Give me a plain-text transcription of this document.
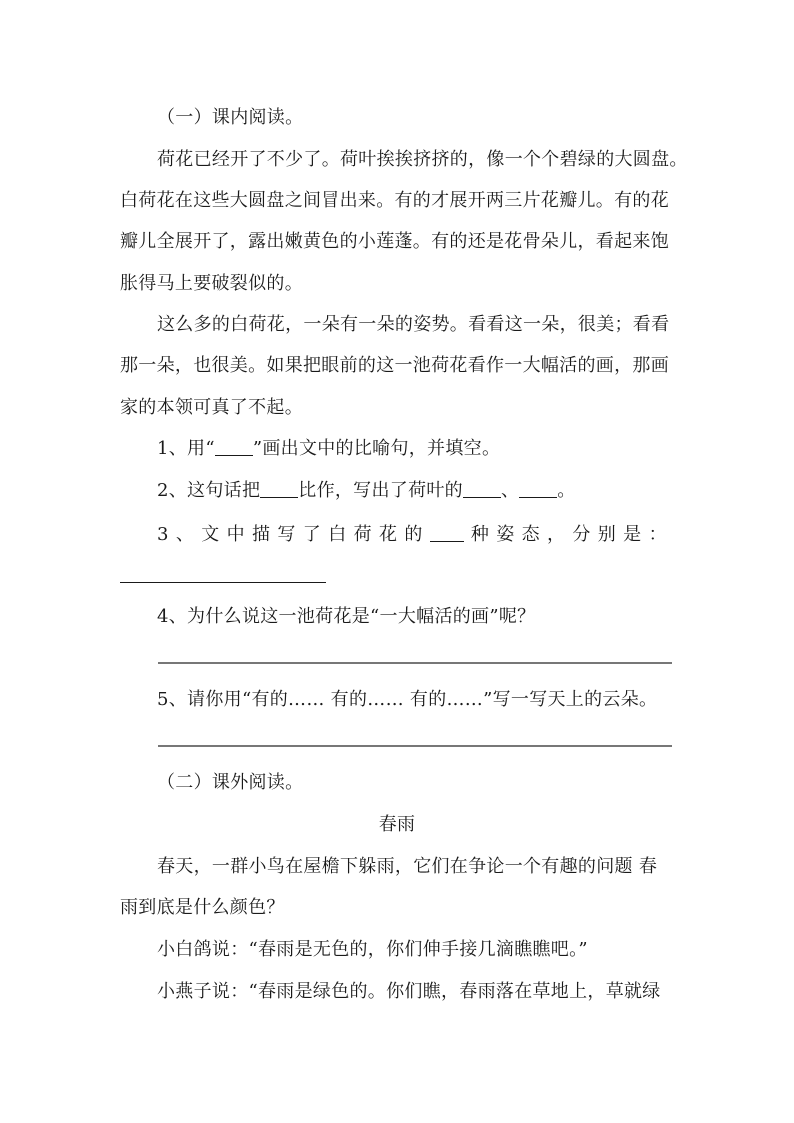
（一）课内阅读。
荷花已经开了不少了。荷叶挨挨挤挤的，像一个个碧绿的大圆盘。
白荷花在这些大圆盘之间冒出来。有的才展开两三片花瓣儿。有的花
瓣儿全展开了，露出嫩黄色的小莲蓬。有的还是花骨朵儿，看起来饱
胀得马上要破裂似的。
这么多的白荷花，一朵有一朵的姿势。看看这一朵，很美；看看
那一朵，也很美。如果把眼前的这一池荷花看作一大幅活的画，那画
家的本领可真了不起。
1、用“ ”画出文中的比喻句，并填空。
2、这句话把 比作，写出了荷叶的 、 。
3 、 文 中 描 写 了 白 荷 花 的	种 姿 态 ， 分 别 是 ：
4、为什么说这一池荷花是“一大幅活的画”呢？
5、请你用“有的…… 有的…… 有的……”写一写天上的云朵。
（二）课外阅读。
春雨
春天，一群小鸟在屋檐下躲雨，它们在争论一个有趣的问题 春
雨到底是什么颜色？
小白鸽说：“春雨是无色的，你们伸手接几滴瞧瞧吧。”
小燕子说：“春雨是绿色的。你们瞧，春雨落在草地上，草就绿
